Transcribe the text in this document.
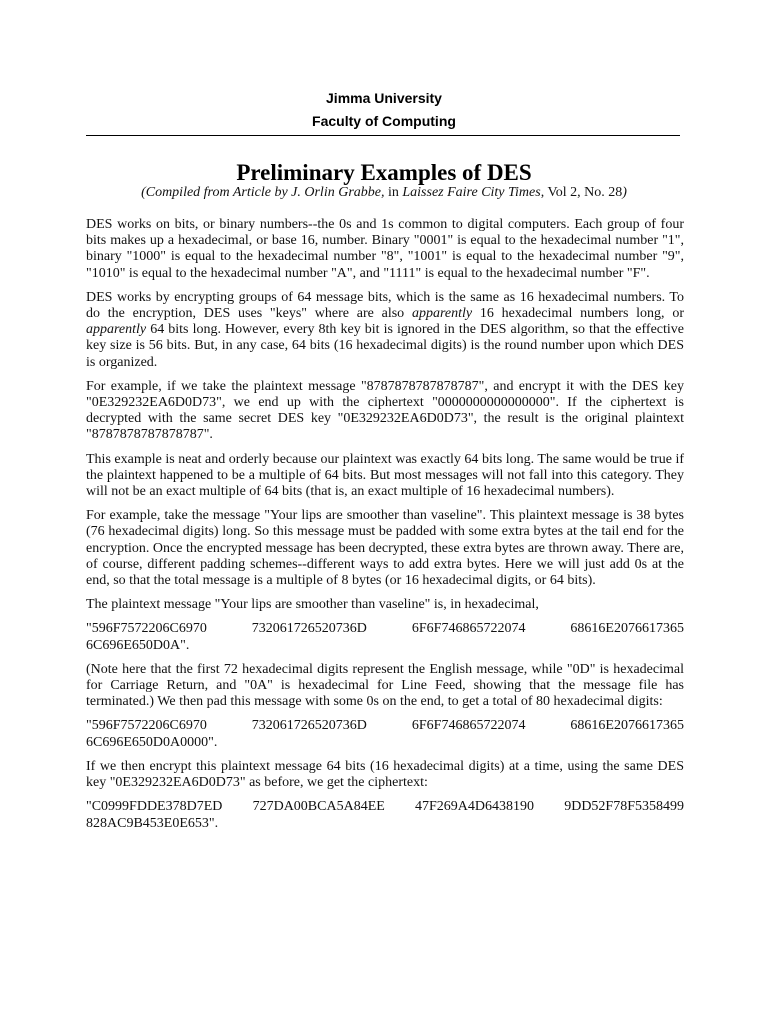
Jimma University
Faculty of Computing
Preliminary Examples of DES
(Compiled from Article by J. Orlin Grabbe, in Laissez Faire City Times, Vol 2, No. 28)

DES works on bits, or binary numbers--the 0s and 1s common to digital computers. Each group of four bits makes up a hexadecimal, or base 16, number. Binary "0001" is equal to the hexadecimal number "1", binary "1000" is equal to the hexadecimal number "8", "1001" is equal to the hexadecimal number "9", "1010" is equal to the hexadecimal number "A", and "1111" is equal to the hexadecimal number "F".

DES works by encrypting groups of 64 message bits, which is the same as 16 hexadecimal numbers. To do the encryption, DES uses "keys" where are also apparently 16 hexadecimal numbers long, or apparently 64 bits long. However, every 8th key bit is ignored in the DES algorithm, so that the effective key size is 56 bits. But, in any case, 64 bits (16 hexadecimal digits) is the round number upon which DES is organized.

For example, if we take the plaintext message "8787878787878787", and encrypt it with the DES key "0E329232EA6D0D73", we end up with the ciphertext "0000000000000000". If the ciphertext is decrypted with the same secret DES key "0E329232EA6D0D73", the result is the original plaintext "8787878787878787".

This example is neat and orderly because our plaintext was exactly 64 bits long. The same would be true if the plaintext happened to be a multiple of 64 bits. But most messages will not fall into this category. They will not be an exact multiple of 64 bits (that is, an exact multiple of 16 hexadecimal numbers).

For example, take the message "Your lips are smoother than vaseline". This plaintext message is 38 bytes (76 hexadecimal digits) long. So this message must be padded with some extra bytes at the tail end for the encryption. Once the encrypted message has been decrypted, these extra bytes are thrown away. There are, of course, different padding schemes--different ways to add extra bytes. Here we will just add 0s at the end, so that the total message is a multiple of 8 bytes (or 16 hexadecimal digits, or 64 bits).

The plaintext message "Your lips are smoother than vaseline" is, in hexadecimal,

"596F7572206C6970	732061726520736D	6F6F746865722074	68616E2076617365
6C696E650D0A".

(Note here that the first 72 hexadecimal digits represent the English message, while "0D" is hexadecimal for Carriage Return, and "0A" is hexadecimal for Line Feed, showing that the message file has terminated.) We then pad this message with some 0s on the end, to get a total of 80 hexadecimal digits:

"596F7572206C6970	732061726520736D	6F6F746865722074	68616E2076617365
6C696E650D0A0000".

If we then encrypt this plaintext message 64 bits (16 hexadecimal digits) at a time, using the same DES key "0E329232EA6D0D73" as before, we get the ciphertext:

"C0999FDDE378D7ED 727DA00BCA5A84EE 47F269A4D6438190 9DD52F78F5358499
828AC9B453E0E653".
